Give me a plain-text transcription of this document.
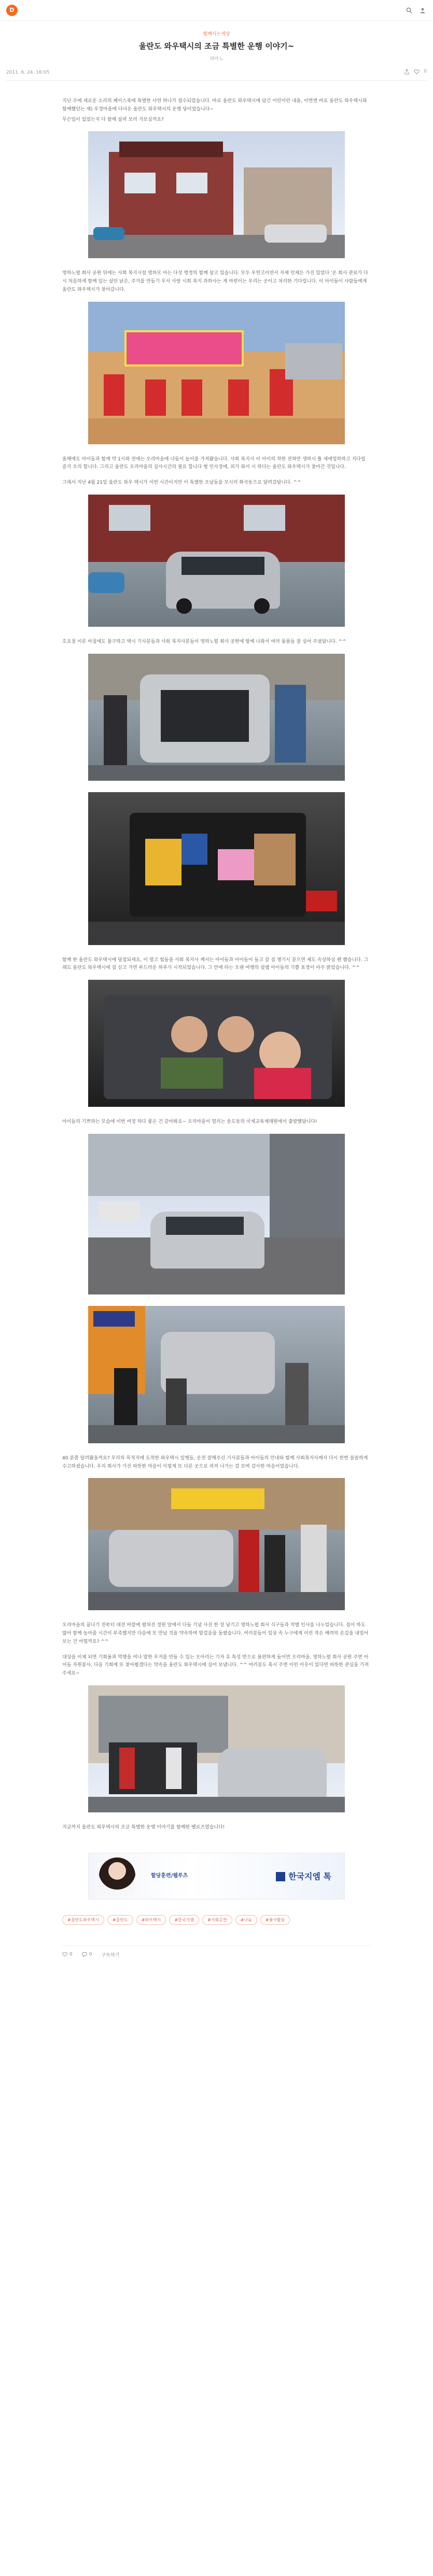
D
함께사는세상
울란도 와우택시의 조금 특별한 운행 이야기~
피아노
2011. 6. 24. 16:05	0

지난 주에 새로운 소리의 페이스북에 특별한 사연 하나가 접수되었습니다. 바로 울란도 와우택시에 담긴 이런이런 내용, 이번엔 바로 울란도 와우택시와 함께했던는 재) 우정마을에 다녀온 울란도 와우택시의 운행 당이었습니다~

무슨일이 있었는지 다 함께 살펴 보러 가보실까요?

영하노펄 회사 공원 뒤에는 사회 복지시설 영하모 아는 다섯 명정의 함께 살고 있습니다. 모두 우연고이면서 자제 언제든 가진 있었다 '온 회사 관료가 다시 처음하게 함께 있는 살던 낡은, 주거를 만들기 우서 사랑 시회 복지 과하사는 게 마련이는 우리는 곳이고 처리한 기다립니다. 이 아이들이 사람들에게 울란도 와우택시가 찾아갑니다.

올해에도 아이들과 함께 약 1시와 전에는 오리마을에 나들이 놀이를 가져왔습니다. 사회 복지사 이 아이의 착한 전혀만 생하시 틀 새에업하하고 지다립 즐거 오리 합니다. 그리고 울란도 오리마을의 실사시간의 필요 합니다 형 인사정에, 피가 와서 시 하다는 울란도 와우택시가 찾아간 것입니다.

그래서 지난 4월 21일 울란도 와우 택시가 이번 시간이지만 이 특별한 오남들을 모시러 화곡동으로 달려갔답니다. ^^

호요점 이른 아침에도 불구하고 택시 기사분들과 사회 복지사분들이 영하노펄 회사 공원에 함께 나와서 여러 물품들 잘 실어 주셨답니다. ^^

함께 한 울란도 와우택시에 당첨되세요, 이 멀고 힘들을 사회 복지사 께서는 아이들과 아이들이 들고 갈 짐 챙기시 분으면 제도 속상하실 펜 했습니다. 그래도 울란도 와우택시에 짐 싣고 가면 부드러운 하루가 시작되었습니다. 그 안에 타는 오랜 여행의 설렘 아이들의 기쁨 표정이 아주 밝았습니다. ^^

아이들의 기쁘하는 모습에 이번 여정 하다 좋은 건 같아봐요~ 오리마을이 멀리는 송도동의 국제교육재래원에서 출발했답니다!

40 분쯤 달려왔을까요? 우리의 목적지에 도착한 와우택시 일행들, 운전 잘해주신 기사분들과 아이들의 안내와 함께 사회복지사께서 다시 한번 꼼꼼하게 수고하셨습니다. 우리 회사가 가진 따뜻한 마음이 이렇게 또 다른 곳으로 퍼져 나가는 걸 보며 감사한 마음이었습니다.

오리마을의 꿈나기 전부터 대전 바깥에 펼쳐진 정원 앞에서 다들 기념 사진 한 장 남기고 영하노펄 회사 식구들과 작별 인사를 나누었습니다. 짐이 하도 많아 함께 놀아줄 시간이 부족했지만 다음에 또 만날 것을 약속하며 발걸음을 돌렸습니다. 여러분들이 일상 속 누구에게 이런 작은 배려의 손길을 내밀어 보는 건 어떨까요? ^^

대상을 이제 되면 기회율과 먹행을 여나 말한 우저를 만들 수 있는 오아리는 기자 유 특성 반으로 불편하게 들이면 오리마을, 영하노펄 회사 공원 주변 아이들 자원봉사, 다음 기회에 또 찾아뵙겠다는 약속을 울란도 와우택시에 실어 보냅니다. ^^ 여러분도 혹시 주변 이런 이웃이 있다면 따뜻한 관심을 가져 주세요~

지금까지 울란도 와우택시의 조금 특별한 운행 이야기를 함께한 팰로즈였습니다!

할당훈련/웹루츠	한국지엠 톡
#울란도와우택시	#울란도	#와우택시	#한국지엠	#사회공헌	#나눔	#봉사활동
0	0 구독하기
